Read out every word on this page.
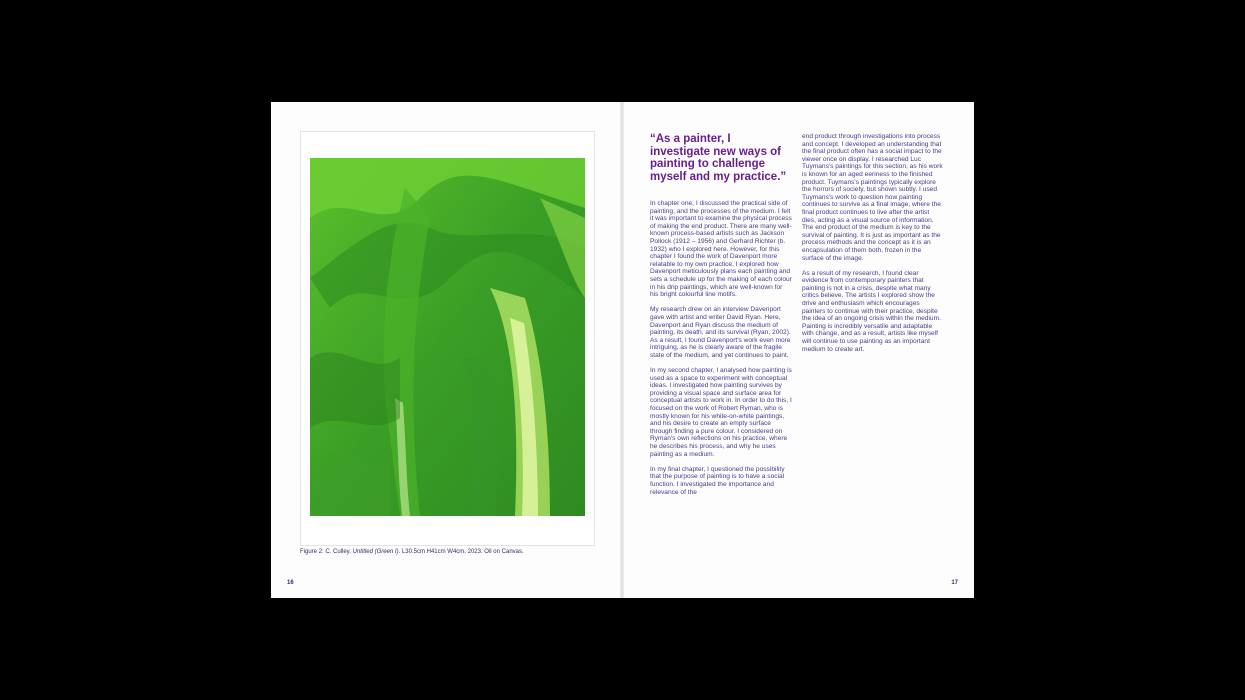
Figure 2: C. Culley, Untitled (Green I). L30.5cm H41cm W4cm, 2023. Oil on Canvas.
16
“As a painter, I investigate new ways of painting to challenge myself and my practice.”

In chapter one, I discussed the practical side of painting, and the processes of the medium. I felt it was important to examine the physical process of making the end product. There are many well-known process-based artists such as Jackson Pollock (1912 – 1956) and Gerhard Richter (b. 1932) who I explored here. However, for this chapter I found the work of Davenport more relatable to my own practice. I explored how Davenport meticulously plans each painting and sets a schedule up for the making of each colour in his drip paintings, which are well-known for his bright colourful line motifs.

My research drew on an interview Davenport gave with artist and writer David Ryan. Here, Davenport and Ryan discuss the medium of painting, its death, and its survival (Ryan, 2002). As a result, I found Davenport's work even more intriguing, as he is clearly aware of the fragile state of the medium, and yet continues to paint.

In my second chapter, I analysed how painting is used as a space to experiment with conceptual ideas. I investigated how painting survives by providing a visual space and surface area for conceptual artists to work in. In order to do this, I focused on the work of Robert Ryman, who is mostly known for his white-on-white paintings, and his desire to create an empty surface through finding a pure colour. I considered on Ryman's own reflections on his practice, where he describes his process, and why he uses painting as a medium.

In my final chapter, I questioned the possibility that the purpose of painting is to have a social function. I investigated the importance and relevance of the

end product through investigations into process and concept. I developed an understanding that the final product often has a social impact to the viewer once on display. I researched Luc Tuymans's paintings for this section, as his work is known for an aged eeriness to the finished product. Tuymans's paintings typically explore the horrors of society, but shown subtly. I used Tuymans's work to question how painting continues to survive as a final image, where the final product continues to live after the artist dies, acting as a visual source of information. The end product of the medium is key to the survival of painting. It is just as important as the process methods and the concept as it is an encapsulation of them both, frozen in the surface of the image.

As a result of my research, I found clear evidence from contemporary painters that painting is not in a crisis, despite what many critics believe. The artists I explored show the drive and enthusiasm which encourages painters to continue with their practice, despite the idea of an ongoing crisis within the medium. Painting is incredibly versatile and adaptable with change, and as a result, artists like myself will continue to use painting as an important medium to create art.

17
